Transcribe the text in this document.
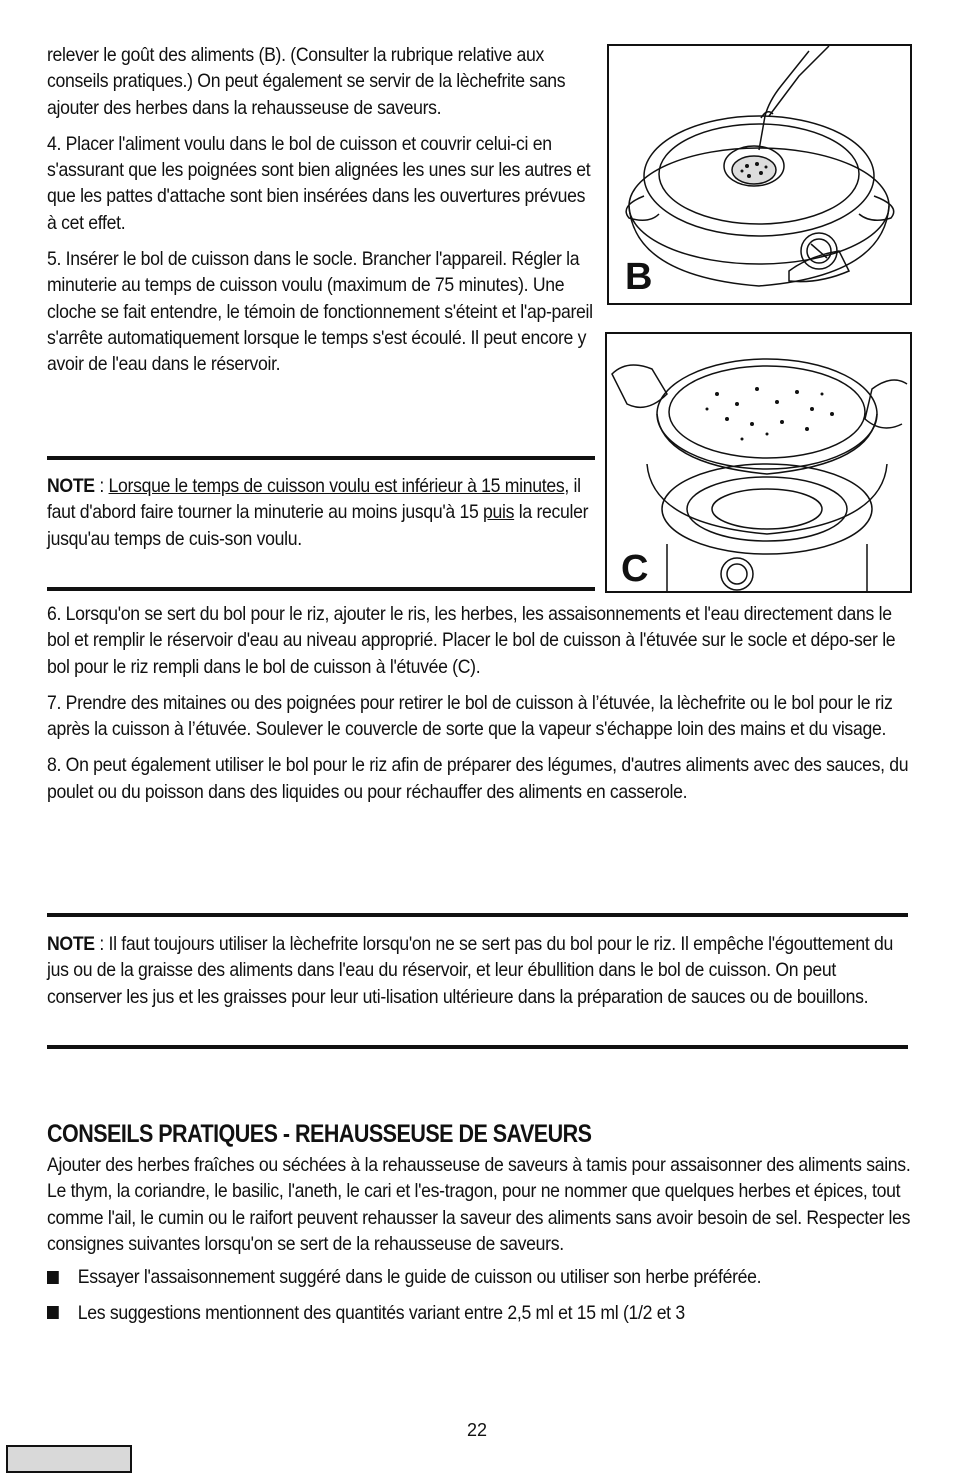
relever le goût des aliments (B). (Consulter la rubrique relative aux conseils pratiques.) On peut également se servir de la lèchefrite sans ajouter des herbes dans la rehausseuse de saveurs.

4. Placer l'aliment voulu dans le bol de cuisson et couvrir celui-ci en s'assurant que les poignées sont bien alignées les unes sur les autres et que les pattes d'attache sont bien insérées dans les ouvertures prévues à cet effet.

5. Insérer le bol de cuisson dans le socle. Brancher l'appareil. Régler la minuterie au temps de cuisson voulu (maximum de 75 minutes). Une cloche se fait entendre, le témoin de fonctionnement s'éteint et l'ap-pareil s'arrête automatiquement lorsque le temps s'est écoulé. Il peut encore y avoir de l'eau dans le réservoir.

NOTE : Lorsque le temps de cuisson voulu est inférieur à 15 minutes, il faut d'abord faire tourner la minuterie au moins jusqu'à 15 puis la reculer jusqu'au temps de cuis-son voulu.

B
C

6. Lorsqu'on se sert du bol pour le riz, ajouter le ris, les herbes, les assaisonnements et l'eau directement dans le bol et remplir le réservoir d'eau au niveau approprié. Placer le bol de cuisson à l'étuvée sur le socle et dépo-ser le bol pour le riz rempli dans le bol de cuisson à l'étuvée (C).

7. Prendre des mitaines ou des poignées pour retirer le bol de cuisson à l’étuvée, la lèchefrite ou le bol pour le riz après la cuisson à l’étuvée. Soulever le couvercle de sorte que la vapeur s'échappe loin des mains et du visage.

8. On peut également utiliser le bol pour le riz afin de préparer des légumes, d'autres aliments avec des sauces, du poulet ou du poisson dans des liquides ou pour réchauffer des aliments en casserole.

NOTE : Il faut toujours utiliser la lèchefrite lorsqu'on ne se sert pas du bol pour le riz. Il empêche l'égouttement du jus ou de la graisse des aliments dans l'eau du réservoir, et leur ébullition dans le bol de cuisson. On peut conserver les jus et les graisses pour leur uti-lisation ultérieure dans la préparation de sauces ou de bouillons.

CONSEILS PRATIQUES - REHAUSSEUSE DE SAVEURS

Ajouter des herbes fraîches ou séchées à la rehausseuse de saveurs à tamis pour assaisonner des aliments sains. Le thym, la coriandre, le basilic, l'aneth, le cari et l'es-tragon, pour ne nommer que quelques herbes et épices, tout comme l'ail, le cumin ou le raifort peuvent rehausser la saveur des aliments sans avoir besoin de sel. Respecter les consignes suivantes lorsqu'on se sert de la rehausseuse de saveurs.

Essayer l'assaisonnement suggéré dans le guide de cuisson ou utiliser son herbe préférée.
Les suggestions mentionnent des quantités variant entre 2,5 ml et 15 ml (1/2 et 3
22
